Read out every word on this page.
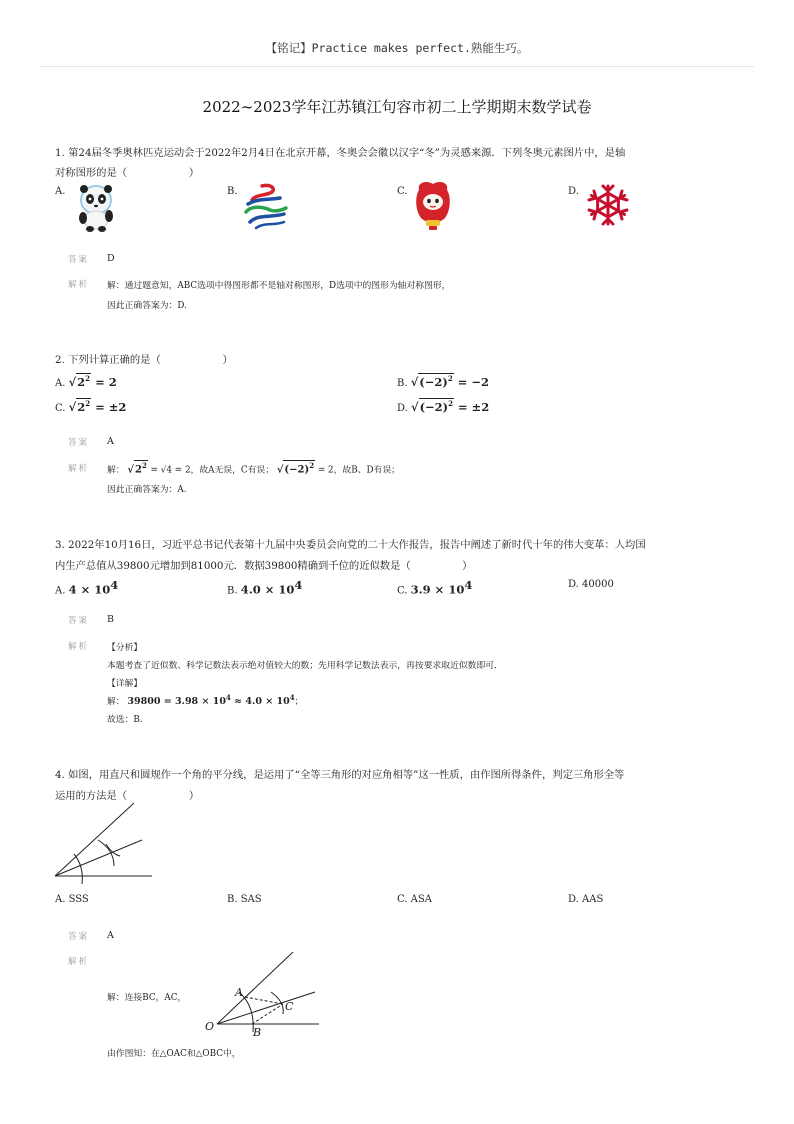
【铭记】Practice makes perfect.熟能生巧。
2022~2023学年江苏镇江句容市初二上学期期末数学试卷
1. 第24届冬季奥林匹克运动会于2022年2月4日在北京开幕，冬奥会会徽以汉字“冬”为灵感来源．下列冬奥元素图片中，是轴
对称图形的是（　　　　　　）
A.	B.	C.	D.
答案 D
解析 解：通过题意知，ABC选项中得图形都不是轴对称图形，D选项中的图形为轴对称图形，
因此正确答案为：D.
2. 下列计算正确的是（　　　　　　）
A. $√2^2 = 2$	B. $√(-2)^2 = -2$
C. $√2^2 = \pm 2$	D. $√(-2)^2 = \pm 2$
答案 A
解析 解： $√2^2 = √4 = 2$，故A无误，C有误； $√(-2)^2 = 2$，故B、D有误；
因此正确答案为：A.
3. 2022年10月16日，习近平总书记代表第十九届中央委员会向党的二十大作报告，报告中阐述了新时代十年的伟大变革：人均国
内生产总值从39800元增加到81000元．数据39800精确到千位的近似数是（　　　　　）
A. $4 \times 10^4$	B. $4.0 \times 10^4$	C. $3.9 \times 10^4$	D. 40000
答案 B
解析 【分析】
本题考查了近似数、科学记数法表示绝对值较大的数；先用科学记数法表示，再按要求取近似数即可．
【详解】
解： $39800 = 3.98 \times 10^4 \approx 4.0 \times 10^4$；
故选：B.
4. 如图，用直尺和圆规作一个角的平分线，是运用了“全等三角形的对应角相等”这一性质，由作图所得条件，判定三角形全等
运用的方法是（　　　　　　）
A. SSS	B. SAS	C. ASA	D. AAS
答案 A
解析
解：连接BC，AC，
O
A
B
C
由作图知：在△OAC和△OBC中，
